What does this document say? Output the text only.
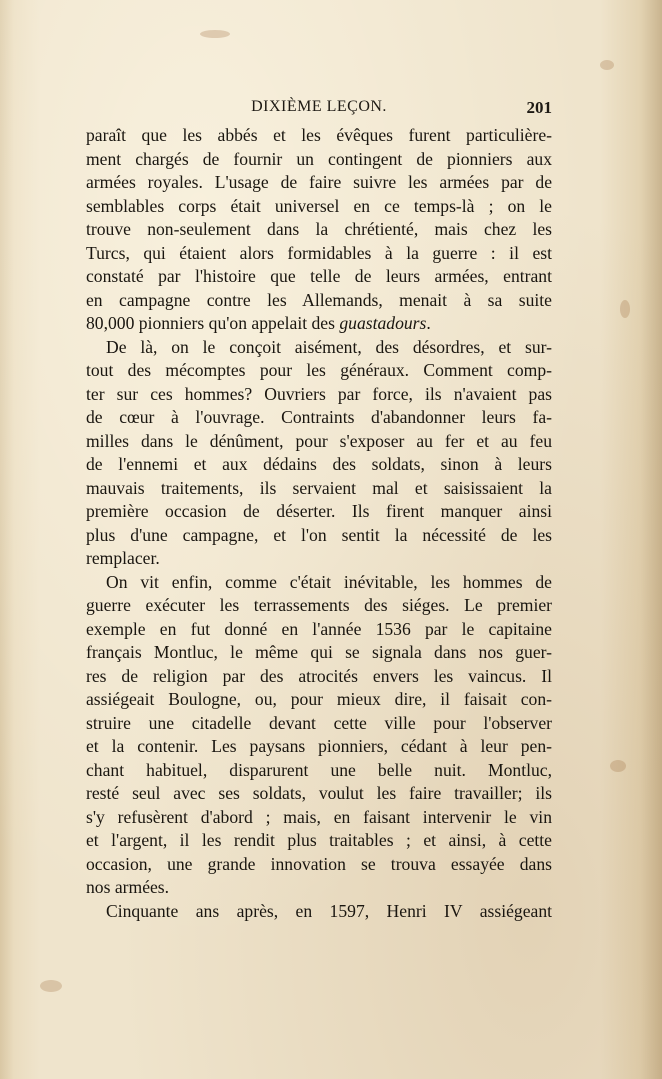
DIXIÈME LEÇON.	201
paraît que les abbés et les évêques furent particulière-
ment chargés de fournir un contingent de pionniers aux
armées royales. L'usage de faire suivre les armées par de
semblables corps était universel en ce temps-là ; on le
trouve non-seulement dans la chrétienté, mais chez les
Turcs, qui étaient alors formidables à la guerre : il est
constaté par l'histoire que telle de leurs armées, entrant
en campagne contre les Allemands, menait à sa suite
80,000 pionniers qu'on appelait des guastadours.
De là, on le conçoit aisément, des désordres, et sur-
tout des mécomptes pour les généraux. Comment comp-
ter sur ces hommes? Ouvriers par force, ils n'avaient pas
de cœur à l'ouvrage. Contraints d'abandonner leurs fa-
milles dans le dénûment, pour s'exposer au fer et au feu
de l'ennemi et aux dédains des soldats, sinon à leurs
mauvais traitements, ils servaient mal et saisissaient la
première occasion de déserter. Ils firent manquer ainsi
plus d'une campagne, et l'on sentit la nécessité de les
remplacer.
On vit enfin, comme c'était inévitable, les hommes de
guerre exécuter les terrassements des siéges. Le premier
exemple en fut donné en l'année 1536 par le capitaine
français Montluc, le même qui se signala dans nos guer-
res de religion par des atrocités envers les vaincus. Il
assiégeait Boulogne, ou, pour mieux dire, il faisait con-
struire une citadelle devant cette ville pour l'observer
et la contenir. Les paysans pionniers, cédant à leur pen-
chant habituel, disparurent une belle nuit. Montluc,
resté seul avec ses soldats, voulut les faire travailler; ils
s'y refusèrent d'abord ; mais, en faisant intervenir le vin
et l'argent, il les rendit plus traitables ; et ainsi, à cette
occasion, une grande innovation se trouva essayée dans
nos armées.
Cinquante ans après, en 1597, Henri IV assiégeant
